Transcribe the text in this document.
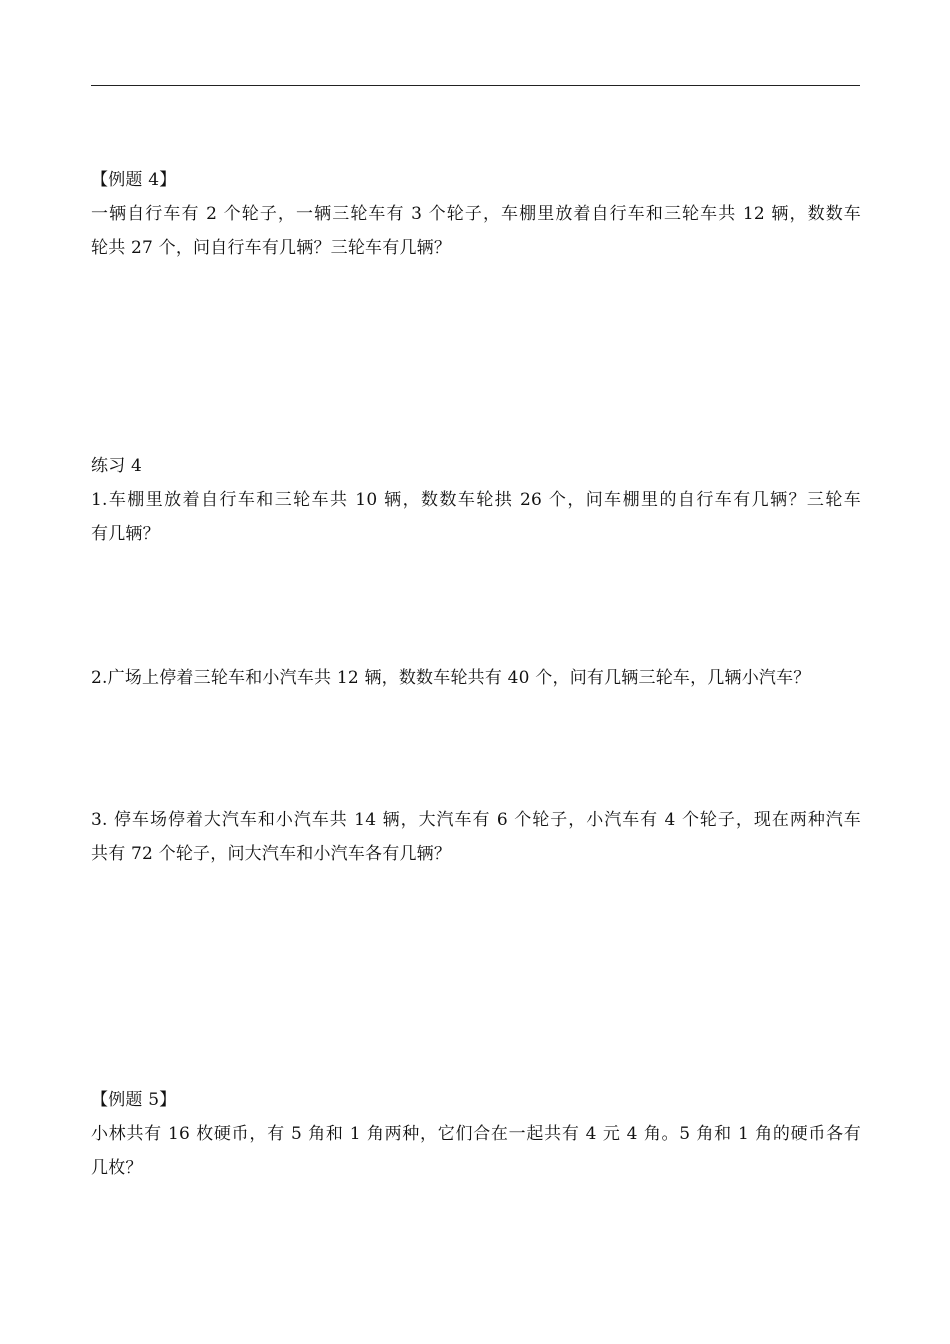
【例题 4】
一辆自行车有 2 个轮子，一辆三轮车有 3 个轮子，车棚里放着自行车和三轮车共 12 辆，数数车
轮共 27 个，问自行车有几辆？三轮车有几辆？
练习 4
1.车棚里放着自行车和三轮车共 10 辆，数数车轮拱 26 个，问车棚里的自行车有几辆？三轮车
有几辆？
2.广场上停着三轮车和小汽车共 12 辆，数数车轮共有 40 个，问有几辆三轮车，几辆小汽车？
3. 停车场停着大汽车和小汽车共 14 辆，大汽车有 6 个轮子，小汽车有 4 个轮子，现在两种汽车
共有 72 个轮子，问大汽车和小汽车各有几辆？
【例题 5】
小林共有 16 枚硬币，有 5 角和 1 角两种，它们合在一起共有 4 元 4 角。5 角和 1 角的硬币各有
几枚？
